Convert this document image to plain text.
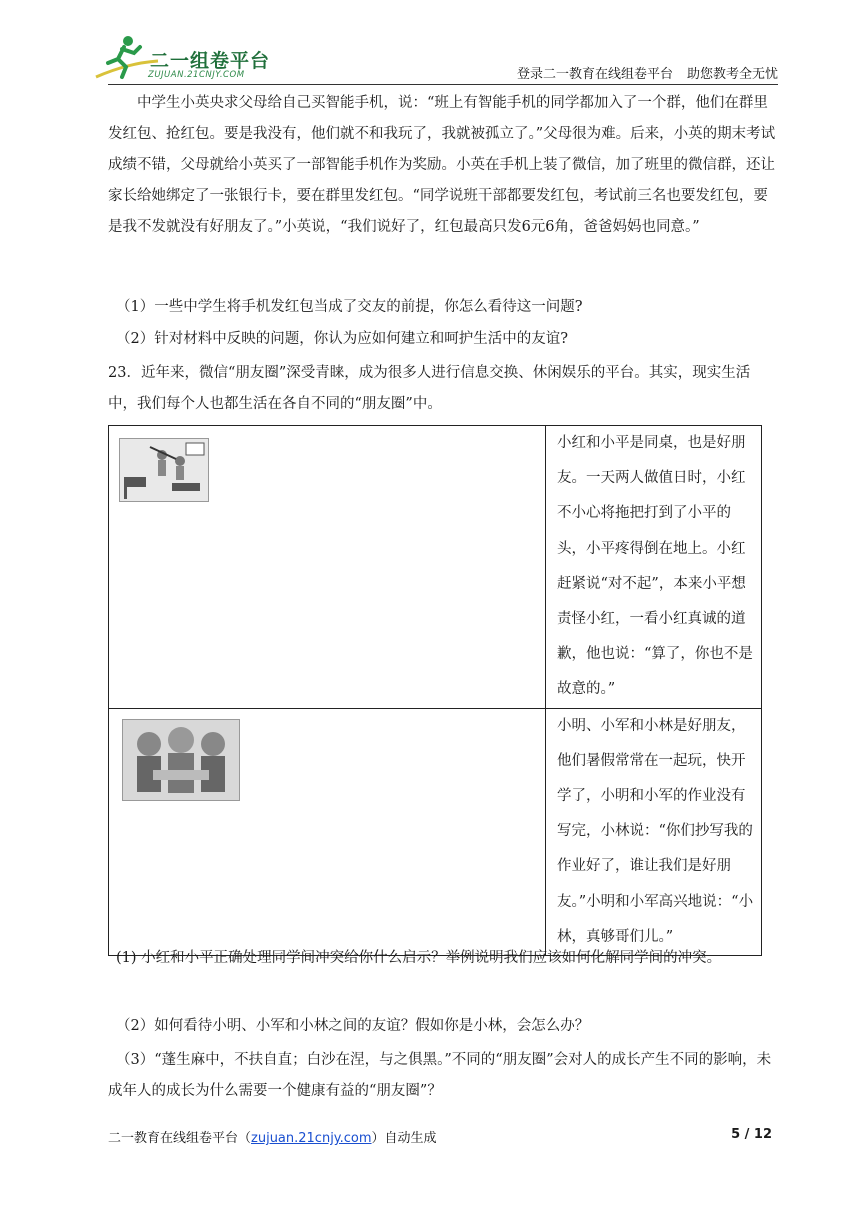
二一组卷平台
ZUJUAN.21CNJY.COM	登录二一教育在线组卷平台 助您教考全无忧
中学生小英央求父母给自己买智能手机，说：“班上有智能手机的同学都加入了一个群，他们在群里发红包、抢红包。要是我没有，他们就不和我玩了，我就被孤立了。”父母很为难。后来，小英的期末考试成绩不错，父母就给小英买了一部智能手机作为奖励。小英在手机上装了微信，加了班里的微信群，还让家长给她绑定了一张银行卡，要在群里发红包。“同学说班干部都要发红包，考试前三名也要发红包，要是我不发就没有好朋友了。”小英说，“我们说好了，红包最高只发6元6角，爸爸妈妈也同意。”
（1）一些中学生将手机发红包当成了交友的前提，你怎么看待这一问题?
（2）针对材料中反映的问题，你认为应如何建立和呵护生活中的友谊?
23．近年来，微信“朋友圈”深受青睐，成为很多人进行信息交换、休闲娱乐的平台。其实，现实生活中，我们每个人也都生活在各自不同的“朋友圈”中。
	小红和小平是同桌，也是好朋友。一天两人做值日时，小红不小心将拖把打到了小平的头，小平疼得倒在地上。小红赶紧说“对不起”，本来小平想责怪小红，一看小红真诚的道歉，他也说：“算了，你也不是故意的。”

	小明、小军和小林是好朋友，他们暑假常常在一起玩，快开学了，小明和小军的作业没有写完，小林说：“你们抄写我的作业好了，谁让我们是好朋友。”小明和小军高兴地说：“小林，真够哥们儿。”
(1) 小红和小平正确处理同学间冲突给你什么启示？举例说明我们应该如何化解同学间的冲突。
（2）如何看待小明、小军和小林之间的友谊？假如你是小林，会怎么办？
（3）“蓬生麻中，不扶自直；白沙在涅，与之俱黑。”不同的“朋友圈”会对人的成长产生不同的影响，未成年人的成长为什么需要一个健康有益的“朋友圈”？
二一教育在线组卷平台（zujuan.21cnjy.com）自动生成	5 / 12
